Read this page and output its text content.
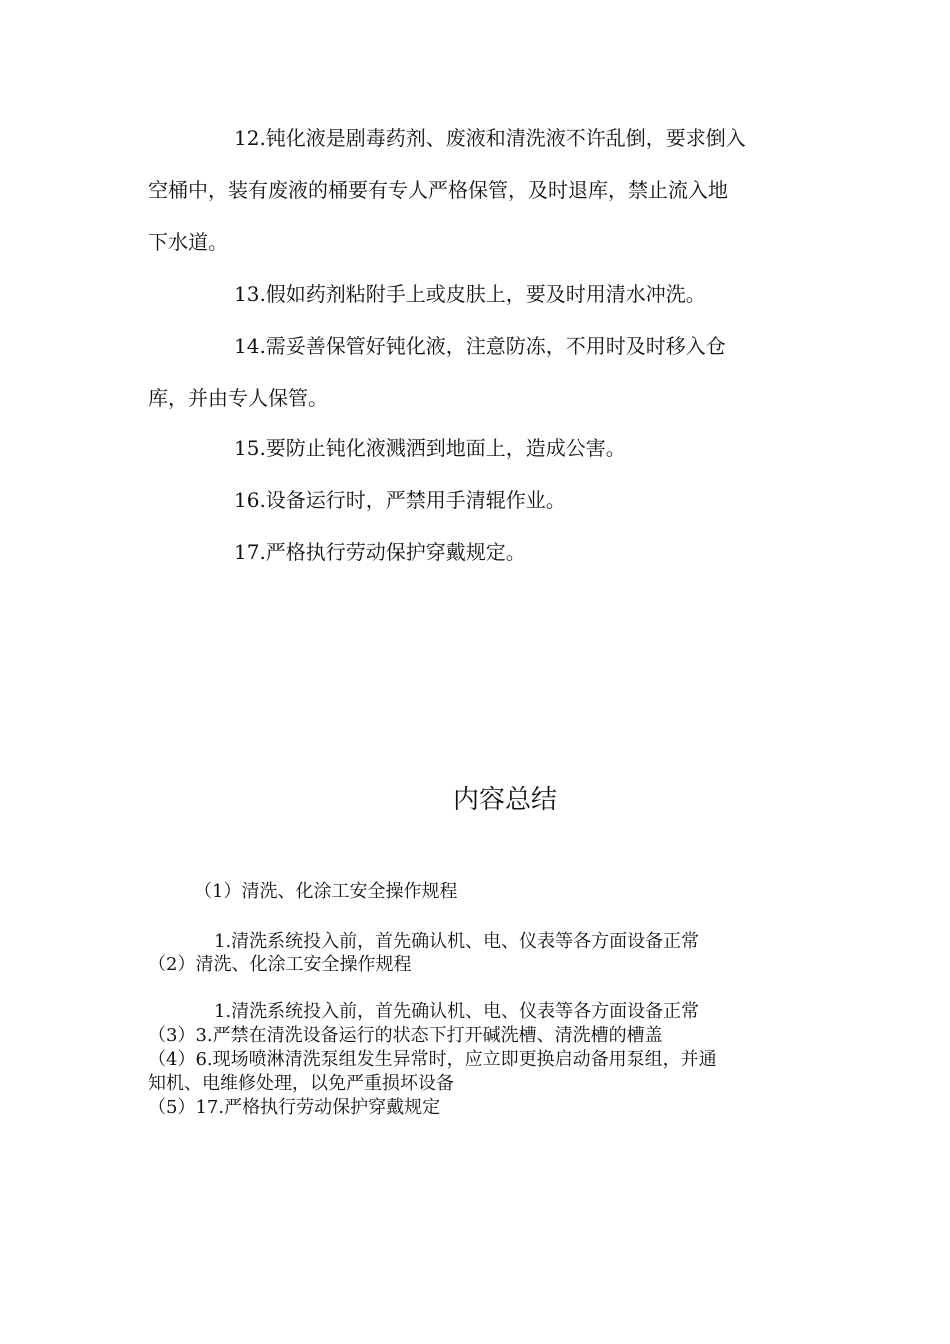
12.钝化液是剧毒药剂、废液和清洗液不许乱倒，要求倒入
空桶中，装有废液的桶要有专人严格保管，及时退库，禁止流入地
下水道。
13.假如药剂粘附手上或皮肤上，要及时用清水冲洗。
14.需妥善保管好钝化液，注意防冻，不用时及时移入仓
库，并由专人保管。
15.要防止钝化液溅洒到地面上，造成公害。
16.设备运行时，严禁用手清辊作业。
17.严格执行劳动保护穿戴规定。
内容总结
（1）清洗、化涂工安全操作规程
1.清洗系统投入前，首先确认机、电、仪表等各方面设备正常
（2）清洗、化涂工安全操作规程
1.清洗系统投入前，首先确认机、电、仪表等各方面设备正常
（3）3.严禁在清洗设备运行的状态下打开碱洗槽、清洗槽的槽盖
（4）6.现场喷淋清洗泵组发生异常时，应立即更换启动备用泵组，并通
知机、电维修处理，以免严重损坏设备
（5）17.严格执行劳动保护穿戴规定
